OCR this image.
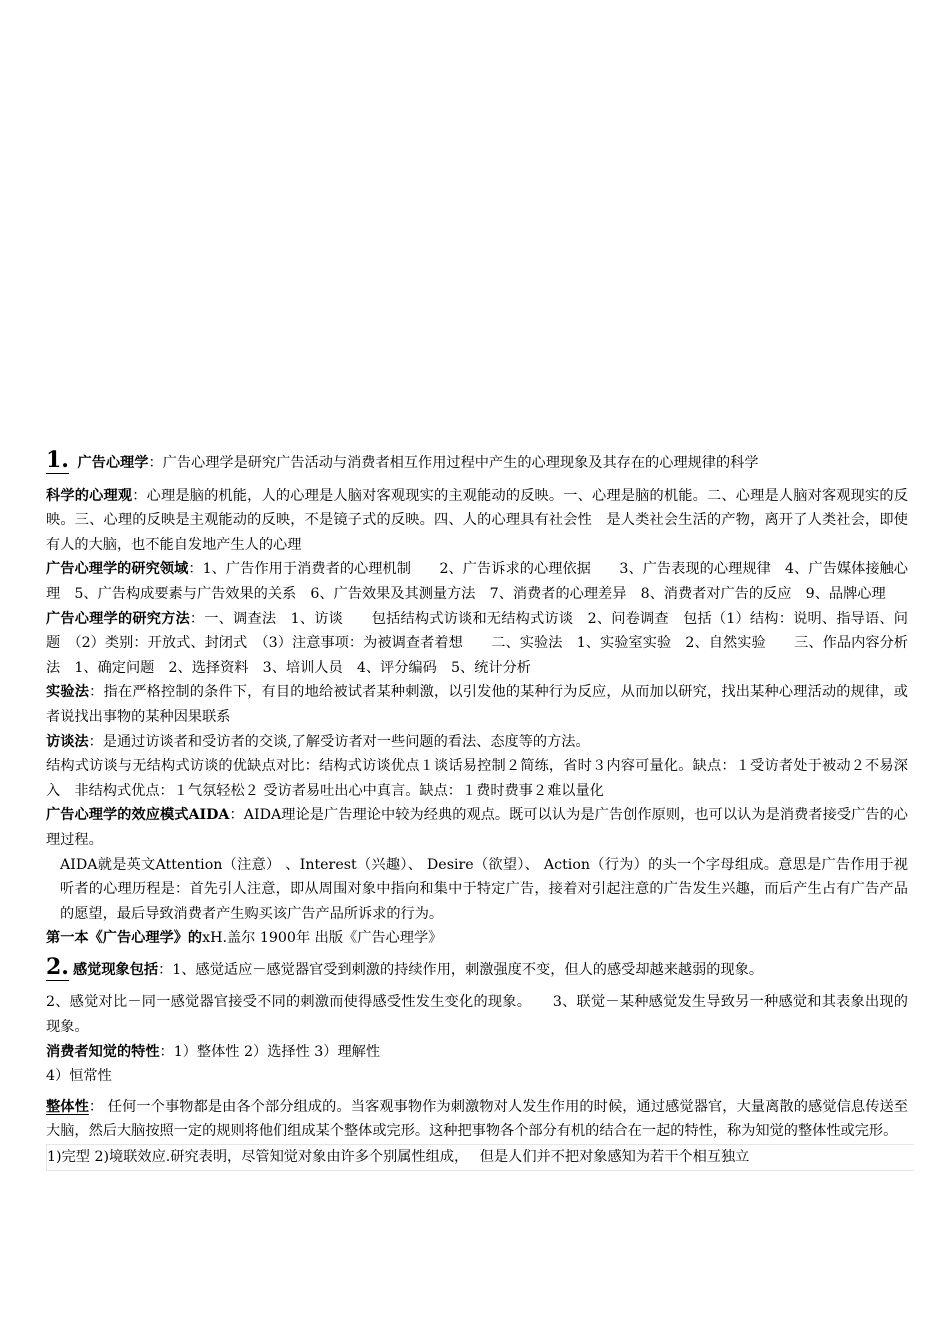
1. 广告心理学：广告心理学是研究广告活动与消费者相互作用过程中产生的心理现象及其存在的心理规律的科学

科学的心理观：心理是脑的机能，人的心理是人脑对客观现实的主观能动的反映。一、心理是脑的机能。二、心理是人脑对客观现实的反映。三、心理的反映是主观能动的反映，不是镜子式的反映。四、人的心理具有社会性　是人类社会生活的产物，离开了人类社会，即使有人的大脑，也不能自发地产生人的心理

广告心理学的研究领域：1、广告作用于消费者的心理机制　　2、广告诉求的心理依据　　3、广告表现的心理规律　4、广告媒体接触心理　5、广告构成要素与广告效果的关系　6、广告效果及其测量方法　7、消费者的心理差异　8、消费者对广告的反应　9、品牌心理

广告心理学的研究方法：一、调查法　1、访谈　　包括结构式访谈和无结构式访谈　2、问卷调查　包括（1）结构：说明、指导语、问题　（2）类别：开放式、封闭式　（3）注意事项：为被调查者着想　　二、实验法　1、实验室实验　2、自然实验　　三、作品内容分析法　1、确定问题　2、选择资料　3、培训人员　4、评分编码　5、统计分析

实验法：指在严格控制的条件下，有目的地给被试者某种刺激，以引发他的某种行为反应，从而加以研究，找出某种心理活动的规律，或者说找出事物的某种因果联系

访谈法：是通过访谈者和受访者的交谈,了解受访者对一些问题的看法、态度等的方法。

结构式访谈与无结构式访谈的优缺点对比：结构式访谈优点１谈话易控制２简练，省时３内容可量化。缺点：１受访者处于被动２不易深入　非结构式优点：１气氛轻松２ 受访者易吐出心中真言。缺点：１费时费事２难以量化

广告心理学的效应模式AIDA：AIDA理论是广告理论中较为经典的观点。既可以认为是广告创作原则，也可以认为是消费者接受广告的心理过程。

AIDA就是英文Attention（注意） 、Interest（兴趣）、 Desire（欲望）、 Action（行为）的头一个字母组成。意思是广告作用于视听者的心理历程是：首先引人注意，即从周围对象中指向和集中于特定广告，接着对引起注意的广告发生兴趣，而后产生占有广告产品的愿望，最后导致消费者产生购买该广告产品所诉求的行为。

第一本《广告心理学》的xH.盖尔 1900年 出版《广告心理学》

2. 感觉现象包括：1、感觉适应－感觉器官受到刺激的持续作用，刺激强度不变，但人的感受却越来越弱的现象。

2、感觉对比－同一感觉器官接受不同的刺激而使得感受性发生变化的现象。　　3、联觉－某种感觉发生导致另一种感觉和其表象出现的现象。

消费者知觉的特性：1）整体性 2）选择性 3）理解性

4）恒常性

整体性： 任何一个事物都是由各个部分组成的。当客观事物作为刺激物对人发生作用的时候，通过感觉器官，大量离散的感觉信息传送至大脑，然后大脑按照一定的规则将他们组成某个整体或完形。这种把事物各个部分有机的结合在一起的特性，称为知觉的整体性或完形。

1)完型 2)境联效应.研究表明，尽管知觉对象由许多个别属性组成，　 但是人们并不把对象感知为若干个相互独立
